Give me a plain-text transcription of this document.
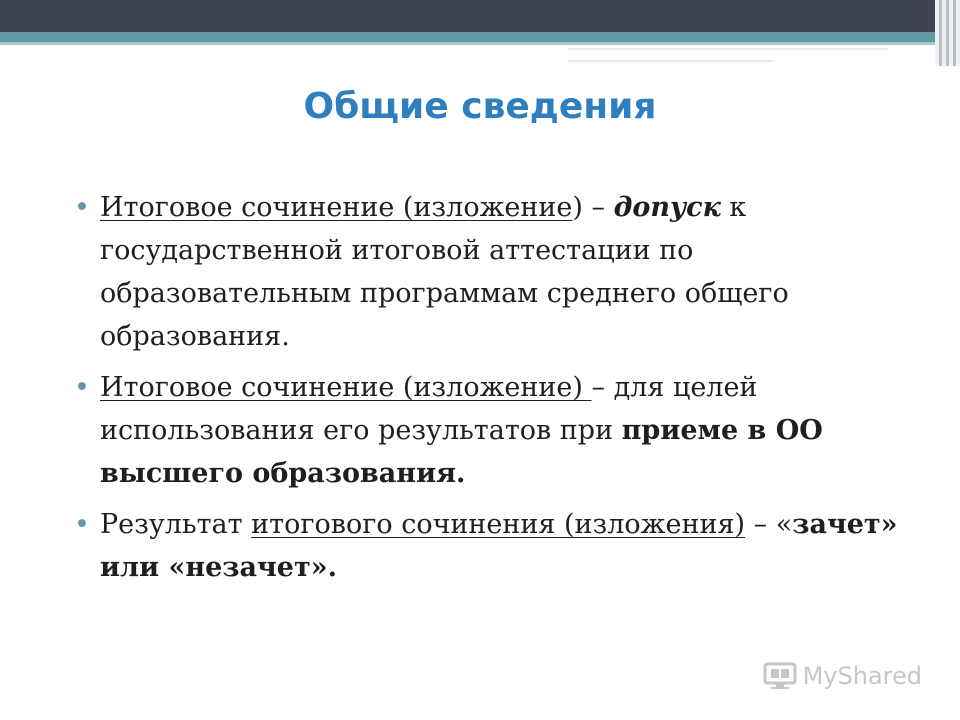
Общие сведения
• Итоговое сочинение (изложение) – допуск к государственной итоговой аттестации по образовательным программам среднего общего образования.
• Итоговое сочинение (изложение) – для целей использования его результатов при приеме в ОО высшего образования.
• Результат итогового сочинения (изложения) – «зачет» или «незачет».
MyShared
